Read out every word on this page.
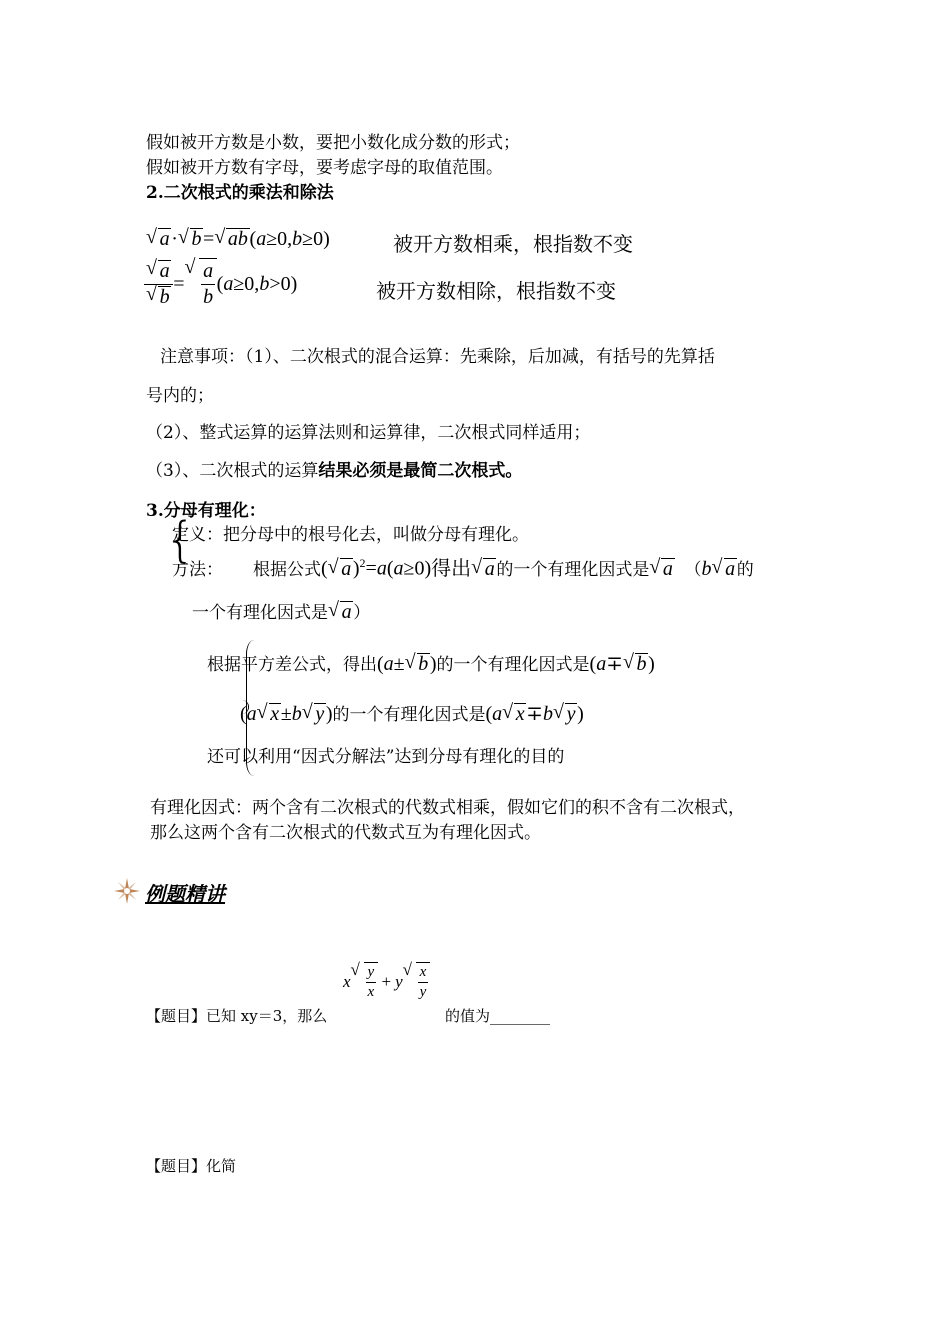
假如被开方数是小数，要把小数化成分数的形式；
假如被开方数有字母，要考虑字母的取值范围。
2.二次根式的乘法和除法
√ a· √ b= √ ab(a≥0,b≥0)	被开方数相乘，根指数不变
√ a
√ b = √ $\frac{a}{b}$ ( a ≥0, b >0 )	被开方数相除，根指数不变
注意事项：（1）、二次根式的混合运算：先乘除，后加减，有括号的先算括
号内的；
（2）、整式运算的运算法则和运算律，二次根式同样适用；
（3）、二次根式的运算结果必须是最简二次根式。
3.分母有理化：
{
定义：把分母中的根号化去，叫做分母有理化。
方法： 根据公式 ( √ a)$^2$=a(a≥0) 得出 √ a 的一个有理化因式是 √ a （ b √ a 的
一个有理化因式是 √ a ）
根据平方差公式，得出 (a± √ b) 的一个有理化因式是 (a∓ √ b)
(a √ x±b √ y) 的一个有理化因式是 (a √ x∓b √ y)
还可以利用“因式分解法”达到分母有理化的目的
有理化因式：两个含有二次根式的代数式相乘，假如它们的积不含有二次根式，
那么这两个含有二次根式的代数式互为有理化因式。
例题精讲
【题目】已知 xy＝3，那么
x √ $\frac{y}{x} + y$ √ $\frac{x}{y}$
的值为________
【题目】化简
